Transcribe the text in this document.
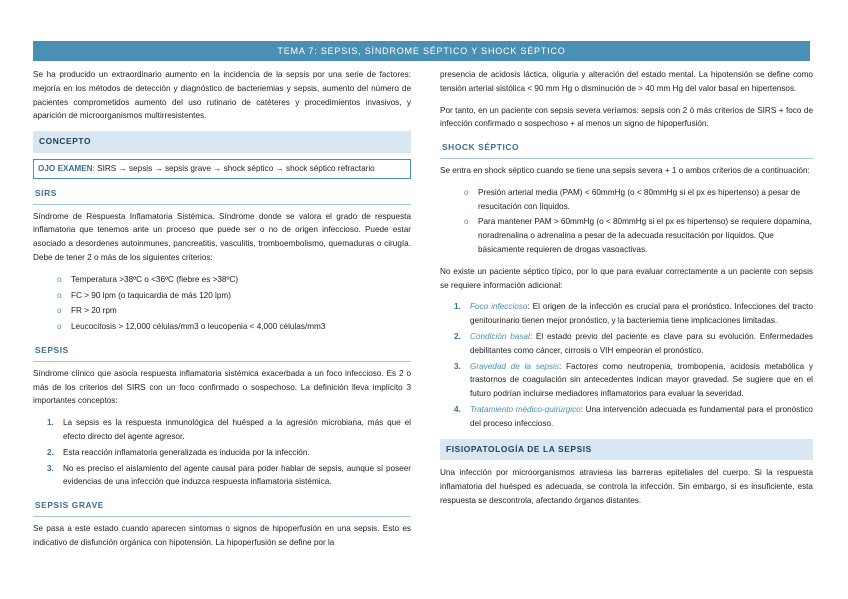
TEMA 7: SEPSIS, SÍNDROME SÉPTICO Y SHOCK SÉPTICO

Se ha producido un extraordinario aumento en la incidencia de la sepsis por una serie de factores: mejoría en los métodos de detección y diagnóstico de bacteriemias y sepsis, aumento del número de pacientes comprometidos aumento del uso rutinario de catéteres y procedimientos invasivos, y aparición de microorganismos multirresistentes.

CONCEPTO
OJO EXAMEN: SIRS → sepsis → sepsis grave → shock séptico → shock séptico refractario
SIRS

Síndrome de Respuesta Inflamatoria Sistémica. Síndrome donde se valora el grado de respuesta inflamatoria que tenemos ante un proceso que puede ser o no de origen infeccioso. Puede estar asociado a desordenes autoinmunes, pancreatitis, vasculitis, tromboembolismo, quemaduras o cirugía. Debe de tener 2 o más de los siguientes criterios:

o Temperatura >38ºC o <36ºC (fiebre es >38ºC)
o FC > 90 lpm (o taquicardia de más 120 lpm)
o FR > 20 rpm
o Leucocitosis > 12,000 células/mm3 o leucopenia < 4,000 células/mm3
SEPSIS

Síndrome clínico que asocia respuesta inflamatoria sistémica exacerbada a un foco infeccioso. Es 2 o más de los criterios del SIRS con un foco confirmado o sospechoso. La definición lleva implícito 3 importantes conceptos:

1. La sepsis es la respuesta inmunológica del huésped a la agresión microbiana, más que el efecto directo del agente agresor.
2. Esta reacción inflamatoria generalizada es inducida por la infección.
3. No es preciso el aislamiento del agente causal para poder hablar de sepsis, aunque sí poseer evidencias de una infección que induzca respuesta inflamatoria sistémica.
SEPSIS GRAVE

Se pasa a este estado cuando aparecen síntomas o signos de hipoperfusión en una sepsis. Esto es indicativo de disfunción orgánica con hipotensión. La hipoperfusión se define por la

presencia de acidosis láctica, oliguria y alteración del estado mental. La hipotensión se define como tensión arterial sistólica < 90 mm Hg o disminución de > 40 mm Hg del valor basal en hipertensos.

Por tanto, en un paciente con sepsis severa veríamos: sepsis con 2 ó más criterios de SIRS + foco de infección confirmado o sospechoso + al menos un signo de hipoperfusión.

SHOCK SÉPTICO

Se entra en shock séptico cuando se tiene una sepsis severa + 1 o ambos criterios de a continuación:

o Presión arterial media (PAM) < 60mmHg (o < 80mmHg si el px es hipertenso) a pesar de resucitación con líquidos.
o Para mantener PAM > 60mmHg (o < 80mmHg si el px es hipertenso) se requiere dopamina, noradrenalina o adrenalina a pesar de la adecuada resucitación por líquidos. Que básicamente requieren de drogas vasoactivas.

No existe un paciente séptico típico, por lo que para evaluar correctamente a un paciente con sepsis se requiere información adicional:

1. Foco infeccioso: El origen de la infección es crucial para el pronóstico. Infecciones del tracto genitourinario tienen mejor pronóstico, y la bacteriemia tiene implicaciones limitadas.
2. Condición basal: El estado previo del paciente es clave para su evolución. Enfermedades debilitantes como cáncer, cirrosis o VIH empeoran el pronóstico.
3. Gravedad de la sepsis: Factores como neutropenia, trombopenia, acidosis metabólica y trastornos de coagulación sin antecedentes indican mayor gravedad. Se sugiere que en el futuro podrían incluirse mediadores inflamatorios para evaluar la severidad.
4. Tratamiento médico-quirúrgico: Una intervención adecuada es fundamental para el pronóstico del proceso infeccioso.
FISIOPATOLOGÍA DE LA SEPSIS

Una infección por microorganismos atraviesa las barreras epiteliales del cuerpo. Si la respuesta inflamatoria del huésped es adecuada, se controla la infección. Sin embargo, si es insuficiente, esta respuesta se descontrola, afectando órganos distantes.
